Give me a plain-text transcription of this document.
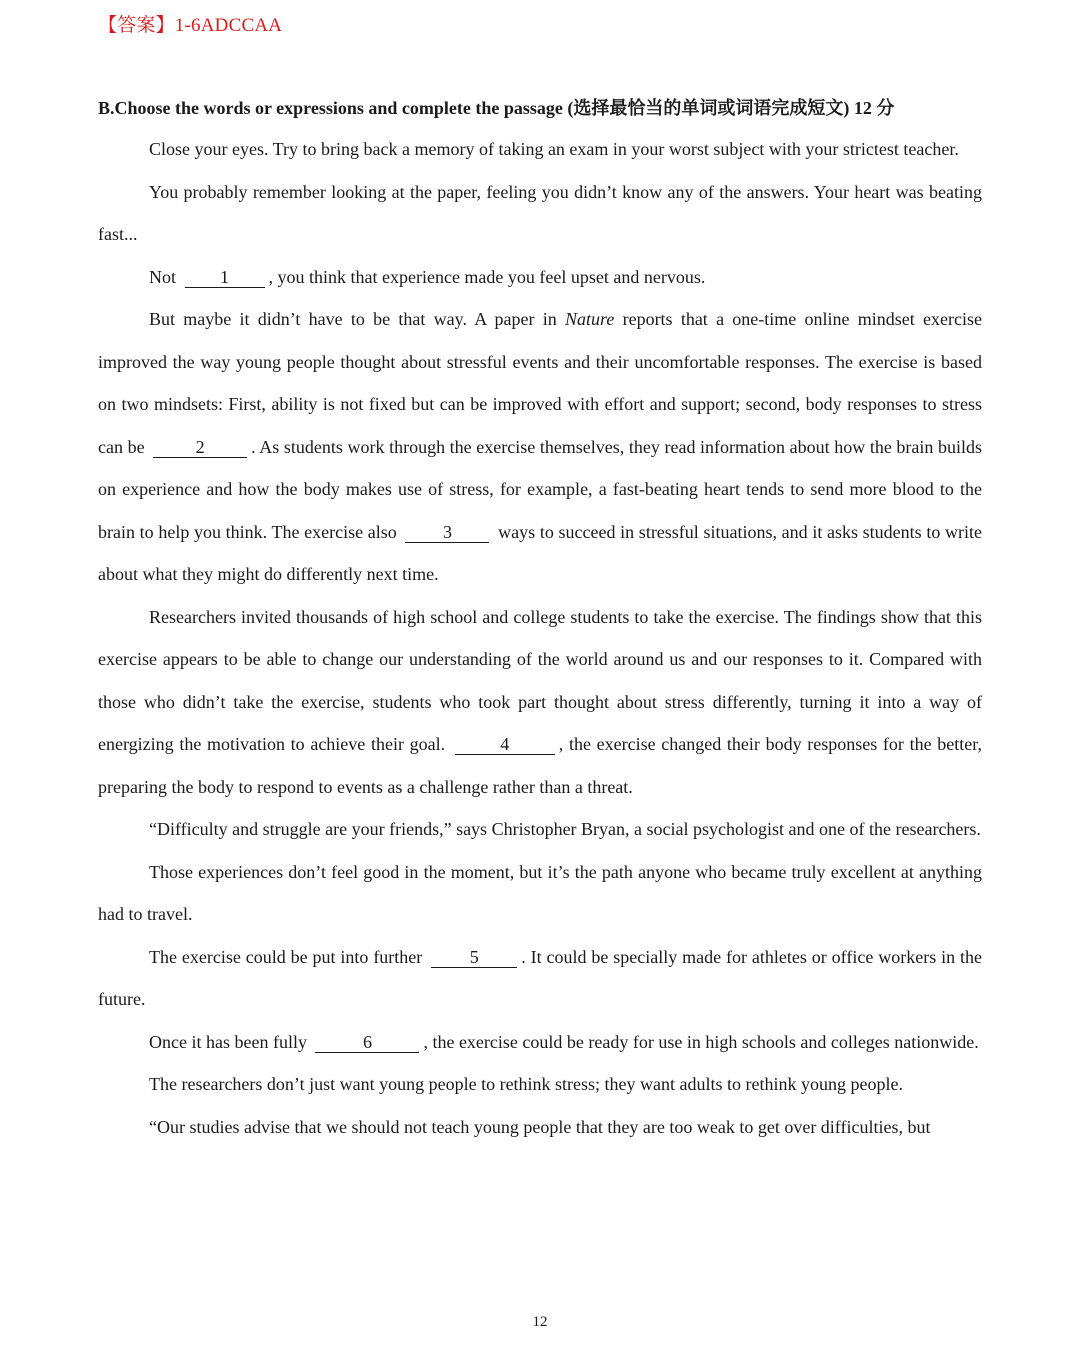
【答案】1-6ADCCAA
B.Choose the words or expressions and complete the passage (选择最恰当的单词或词语完成短文) 12 分

Close your eyes. Try to bring back a memory of taking an exam in your worst subject with your strictest teacher.

You probably remember looking at the paper, feeling you didn’t know any of the answers. Your heart was beating fast...

Not 1 , you think that experience made you feel upset and nervous.

But maybe it didn’t have to be that way. A paper in Nature reports that a one-time online mindset exercise improved the way young people thought about stressful events and their uncomfortable responses. The exercise is based on two mindsets: First, ability is not fixed but can be improved with effort and support; second, body responses to stress can be	2	. As students work through the exercise themselves, they read information about how the brain builds on experience and how the body makes use of stress, for example, a fast-beating heart tends to send more blood to the brain to help you think. The exercise also 3 ways to succeed in stressful situations, and it asks students to write about what they might do differently next time.

Researchers invited thousands of high school and college students to take the exercise. The findings show that this exercise appears to be able to change our understanding of the world around us and our responses to it. Compared with those who didn’t take the exercise, students who took part thought about stress differently, turning it into a way of energizing the motivation to achieve their goal.	4	, the exercise changed their body responses for the better, preparing the body to respond to events as a challenge rather than a threat.

“Difficulty and struggle are your friends,” says Christopher Bryan, a social psychologist and one of the researchers.

Those experiences don’t feel good in the moment, but it’s the path anyone who became truly excellent at anything had to travel.

The exercise could be put into further 5 . It could be specially made for athletes or office workers in the future.

Once it has been fully	6	, the exercise could be ready for use in high schools and colleges nationwide.

The researchers don’t just want young people to rethink stress; they want adults to rethink young people.

“Our studies advise that we should not teach young people that they are too weak to get over difficulties, but

12
